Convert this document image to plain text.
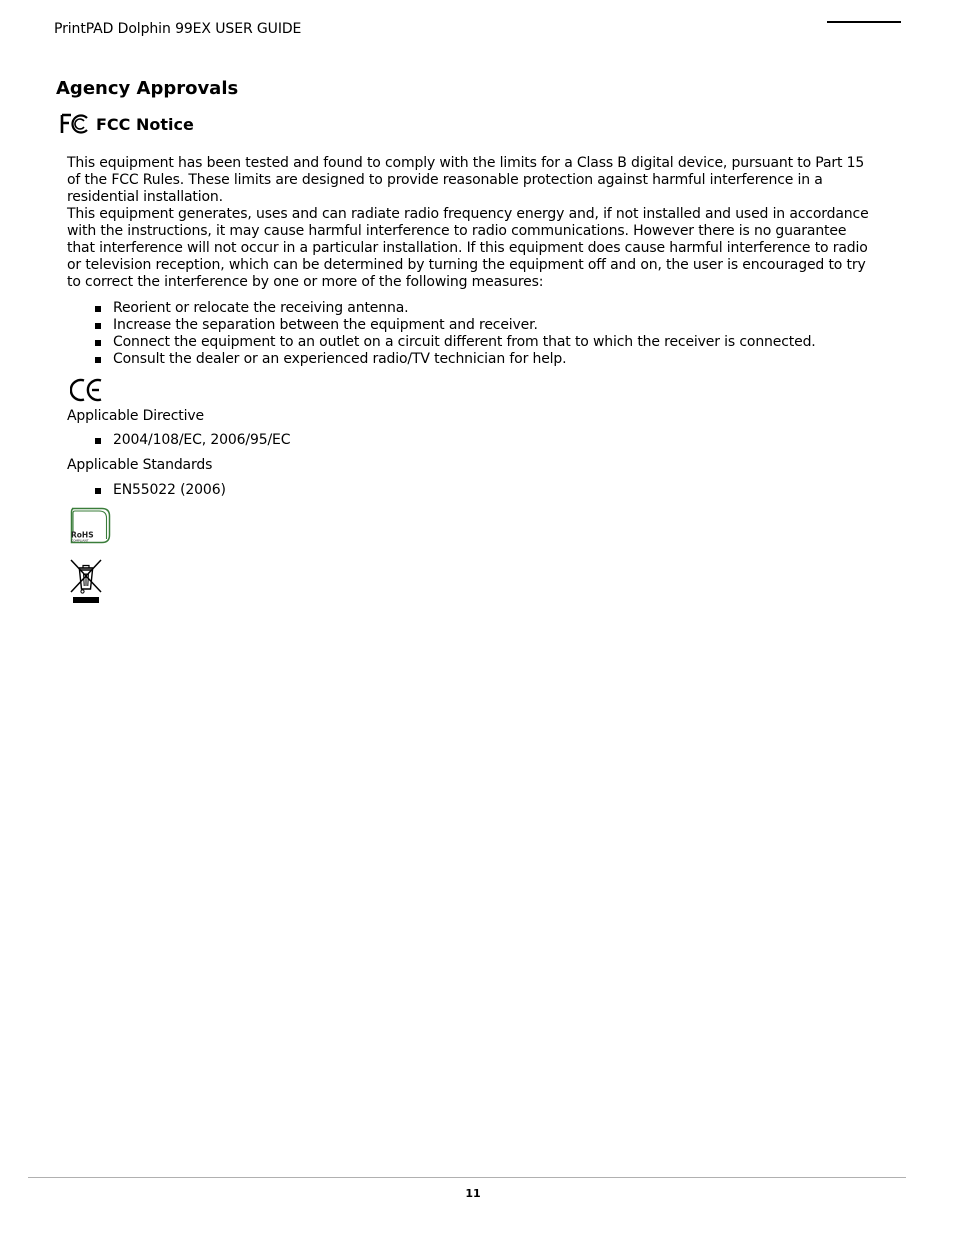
PrintPAD Dolphin 99EX USER GUIDE
Agency Approvals
FCC Notice
This equipment has been tested and found to comply with the limits for a Class B digital device, pursuant to Part 15 of the FCC Rules. These limits are designed to provide reasonable protection against harmful interference in a residential installation.
This equipment generates, uses and can radiate radio frequency energy and, if not installed and used in accordance with the instructions, it may cause harmful interference to radio communications. However there is no guarantee that interference will not occur in a particular installation. If this equipment does cause harmful interference to radio or television reception, which can be determined by turning the equipment off and on, the user is encouraged to try to correct the interference by one or more of the following measures:
Reorient or relocate the receiving antenna.
Increase the separation between the equipment and receiver.
Connect the equipment to an outlet on a circuit different from that to which the receiver is connected.
Consult the dealer or an experienced radio/TV technician for help.
Applicable Directive
2004/108/EC, 2006/95/EC
Applicable Standards
EN55022 (2006)
RoHS
COMPLIANT
11
